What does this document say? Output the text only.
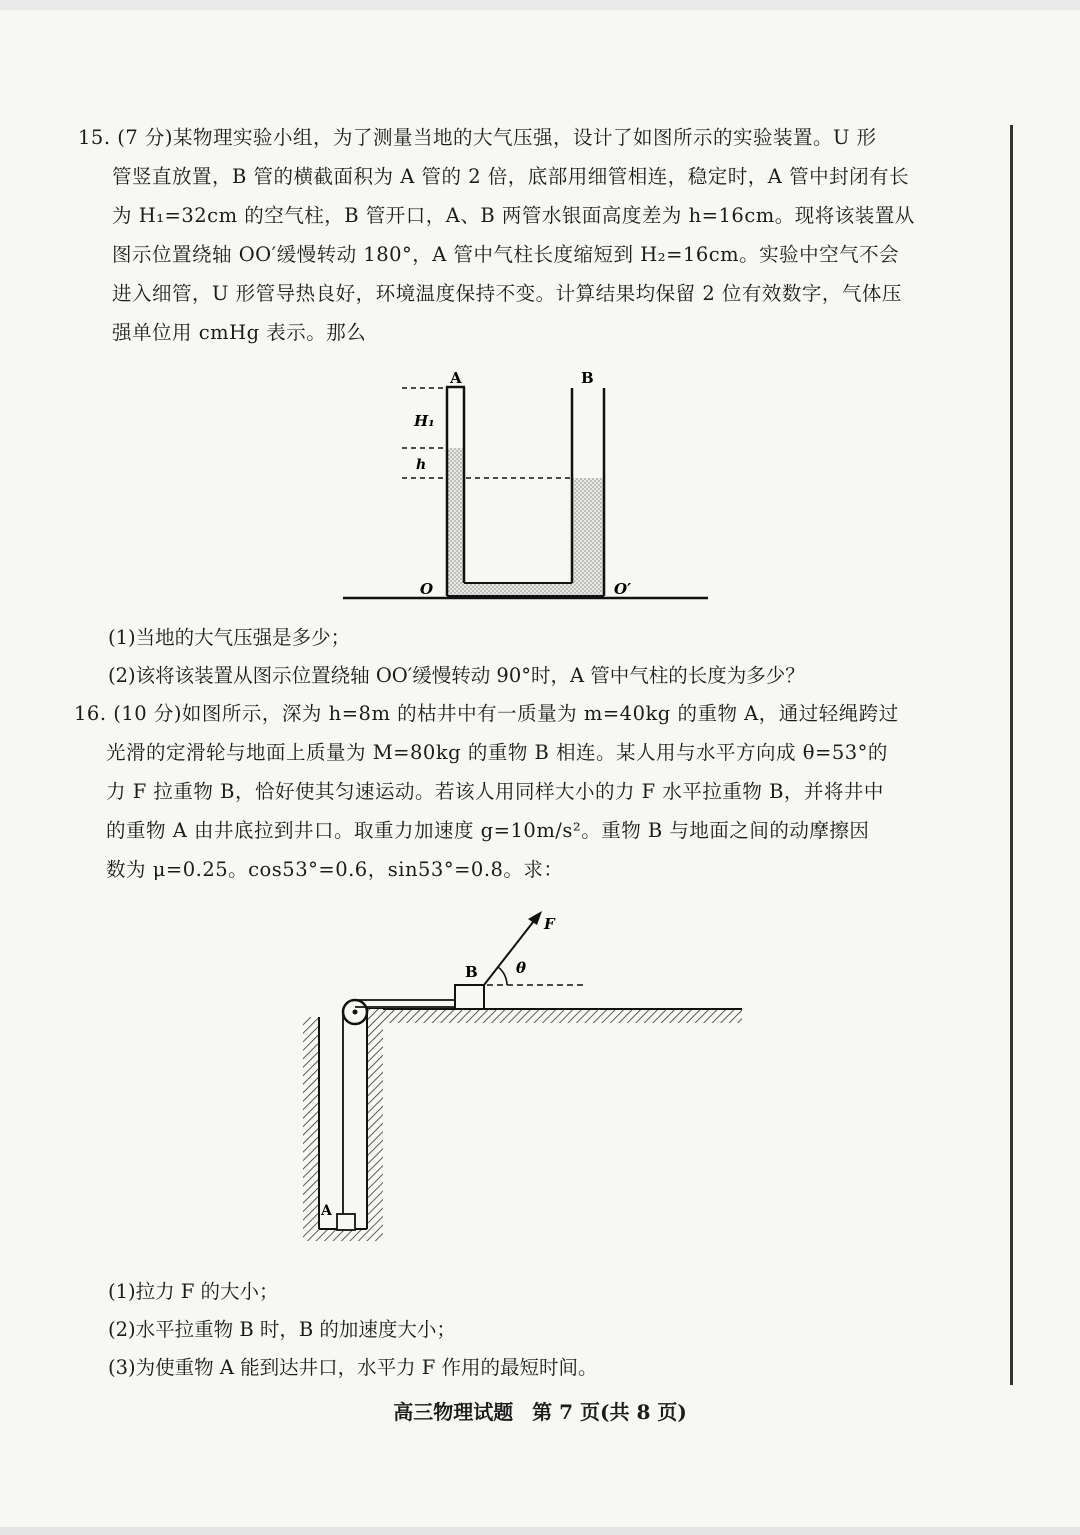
15. (7 分)某物理实验小组，为了测量当地的大气压强，设计了如图所示的实验装置。U 形
管竖直放置，B 管的横截面积为 A 管的 2 倍，底部用细管相连，稳定时，A 管中封闭有长
为 H₁=32cm 的空气柱，B 管开口，A、B 两管水银面高度差为 h=16cm。现将该装置从
图示位置绕轴 OO′缓慢转动 180°，A 管中气柱长度缩短到 H₂=16cm。实验中空气不会
进入细管，U 形管导热良好，环境温度保持不变。计算结果均保留 2 位有效数字，气体压
强单位用 cmHg 表示。那么
A	B
H₁
h
O	O′
(1)当地的大气压强是多少；
(2)该将该装置从图示位置绕轴 OO′缓慢转动 90°时，A 管中气柱的长度为多少？
16. (10 分)如图所示，深为 h=8m 的枯井中有一质量为 m=40kg 的重物 A，通过轻绳跨过
光滑的定滑轮与地面上质量为 M=80kg 的重物 B 相连。某人用与水平方向成 θ=53°的
力 F 拉重物 B，恰好使其匀速运动。若该人用同样大小的力 F 水平拉重物 B，并将井中
的重物 A 由井底拉到井口。取重力加速度 g=10m/s²。重物 B 与地面之间的动摩擦因
数为 μ=0.25。cos53°=0.6，sin53°=0.8。求：
F
B	θ
A
(1)拉力 F 的大小；
(2)水平拉重物 B 时，B 的加速度大小；
(3)为使重物 A 能到达井口，水平力 F 作用的最短时间。
高三物理试题 第 7 页(共 8 页)
